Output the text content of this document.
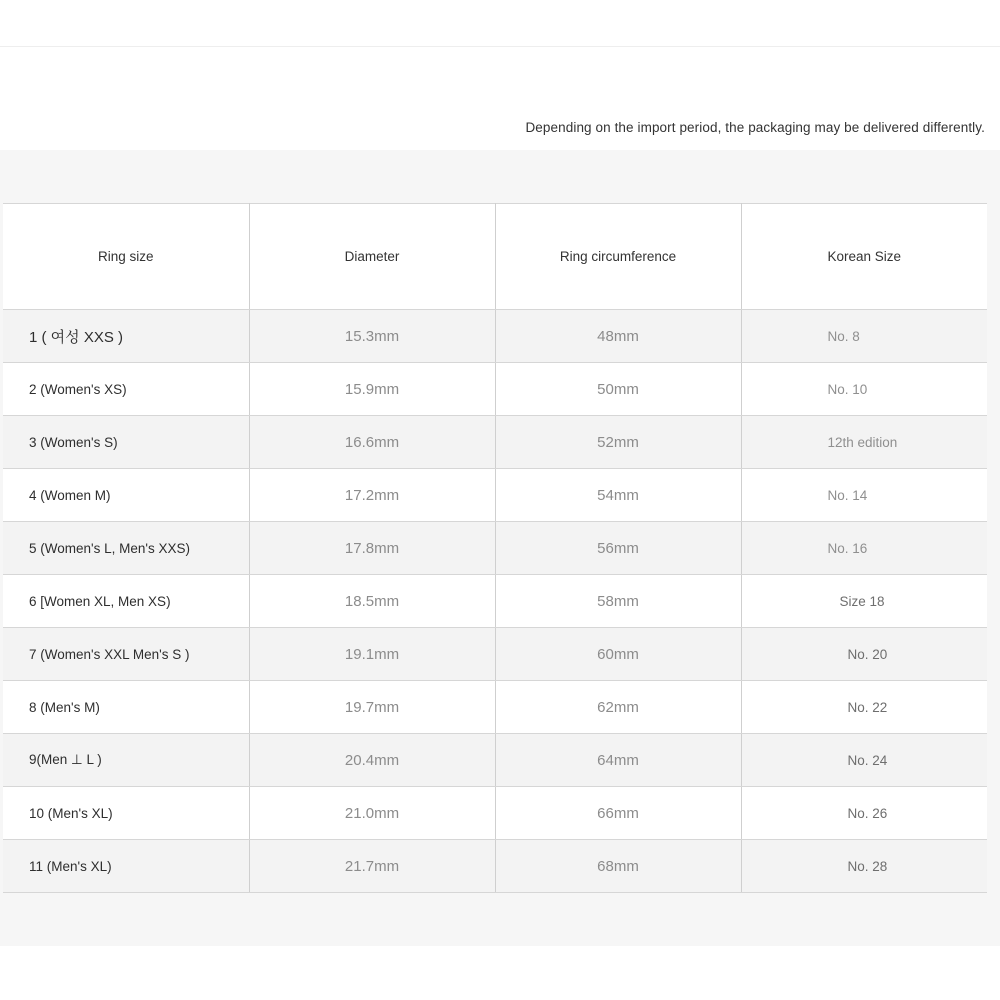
Depending on the import period, the packaging may be delivered differently.
Ring size	Diameter	Ring circumference	Korean Size
1 ( 여성 XXS )	15.3mm	48mm	No. 8
2 (Women's XS)	15.9mm	50mm	No. 10
3 (Women's S)	16.6mm	52mm	12th edition
4 (Women M)	17.2mm	54mm	No. 14
5 (Women's L, Men's XXS)	17.8mm	56mm	No. 16
6 [Women XL, Men XS)	18.5mm	58mm	Size 18
7 (Women's XXL Men's S )	19.1mm	60mm	No. 20
8 (Men's M)	19.7mm	62mm	No. 22
9(Men ⊥ L )	20.4mm	64mm	No. 24
10 (Men's XL)	21.0mm	66mm	No. 26
11 (Men's XL)	21.7mm	68mm	No. 28
